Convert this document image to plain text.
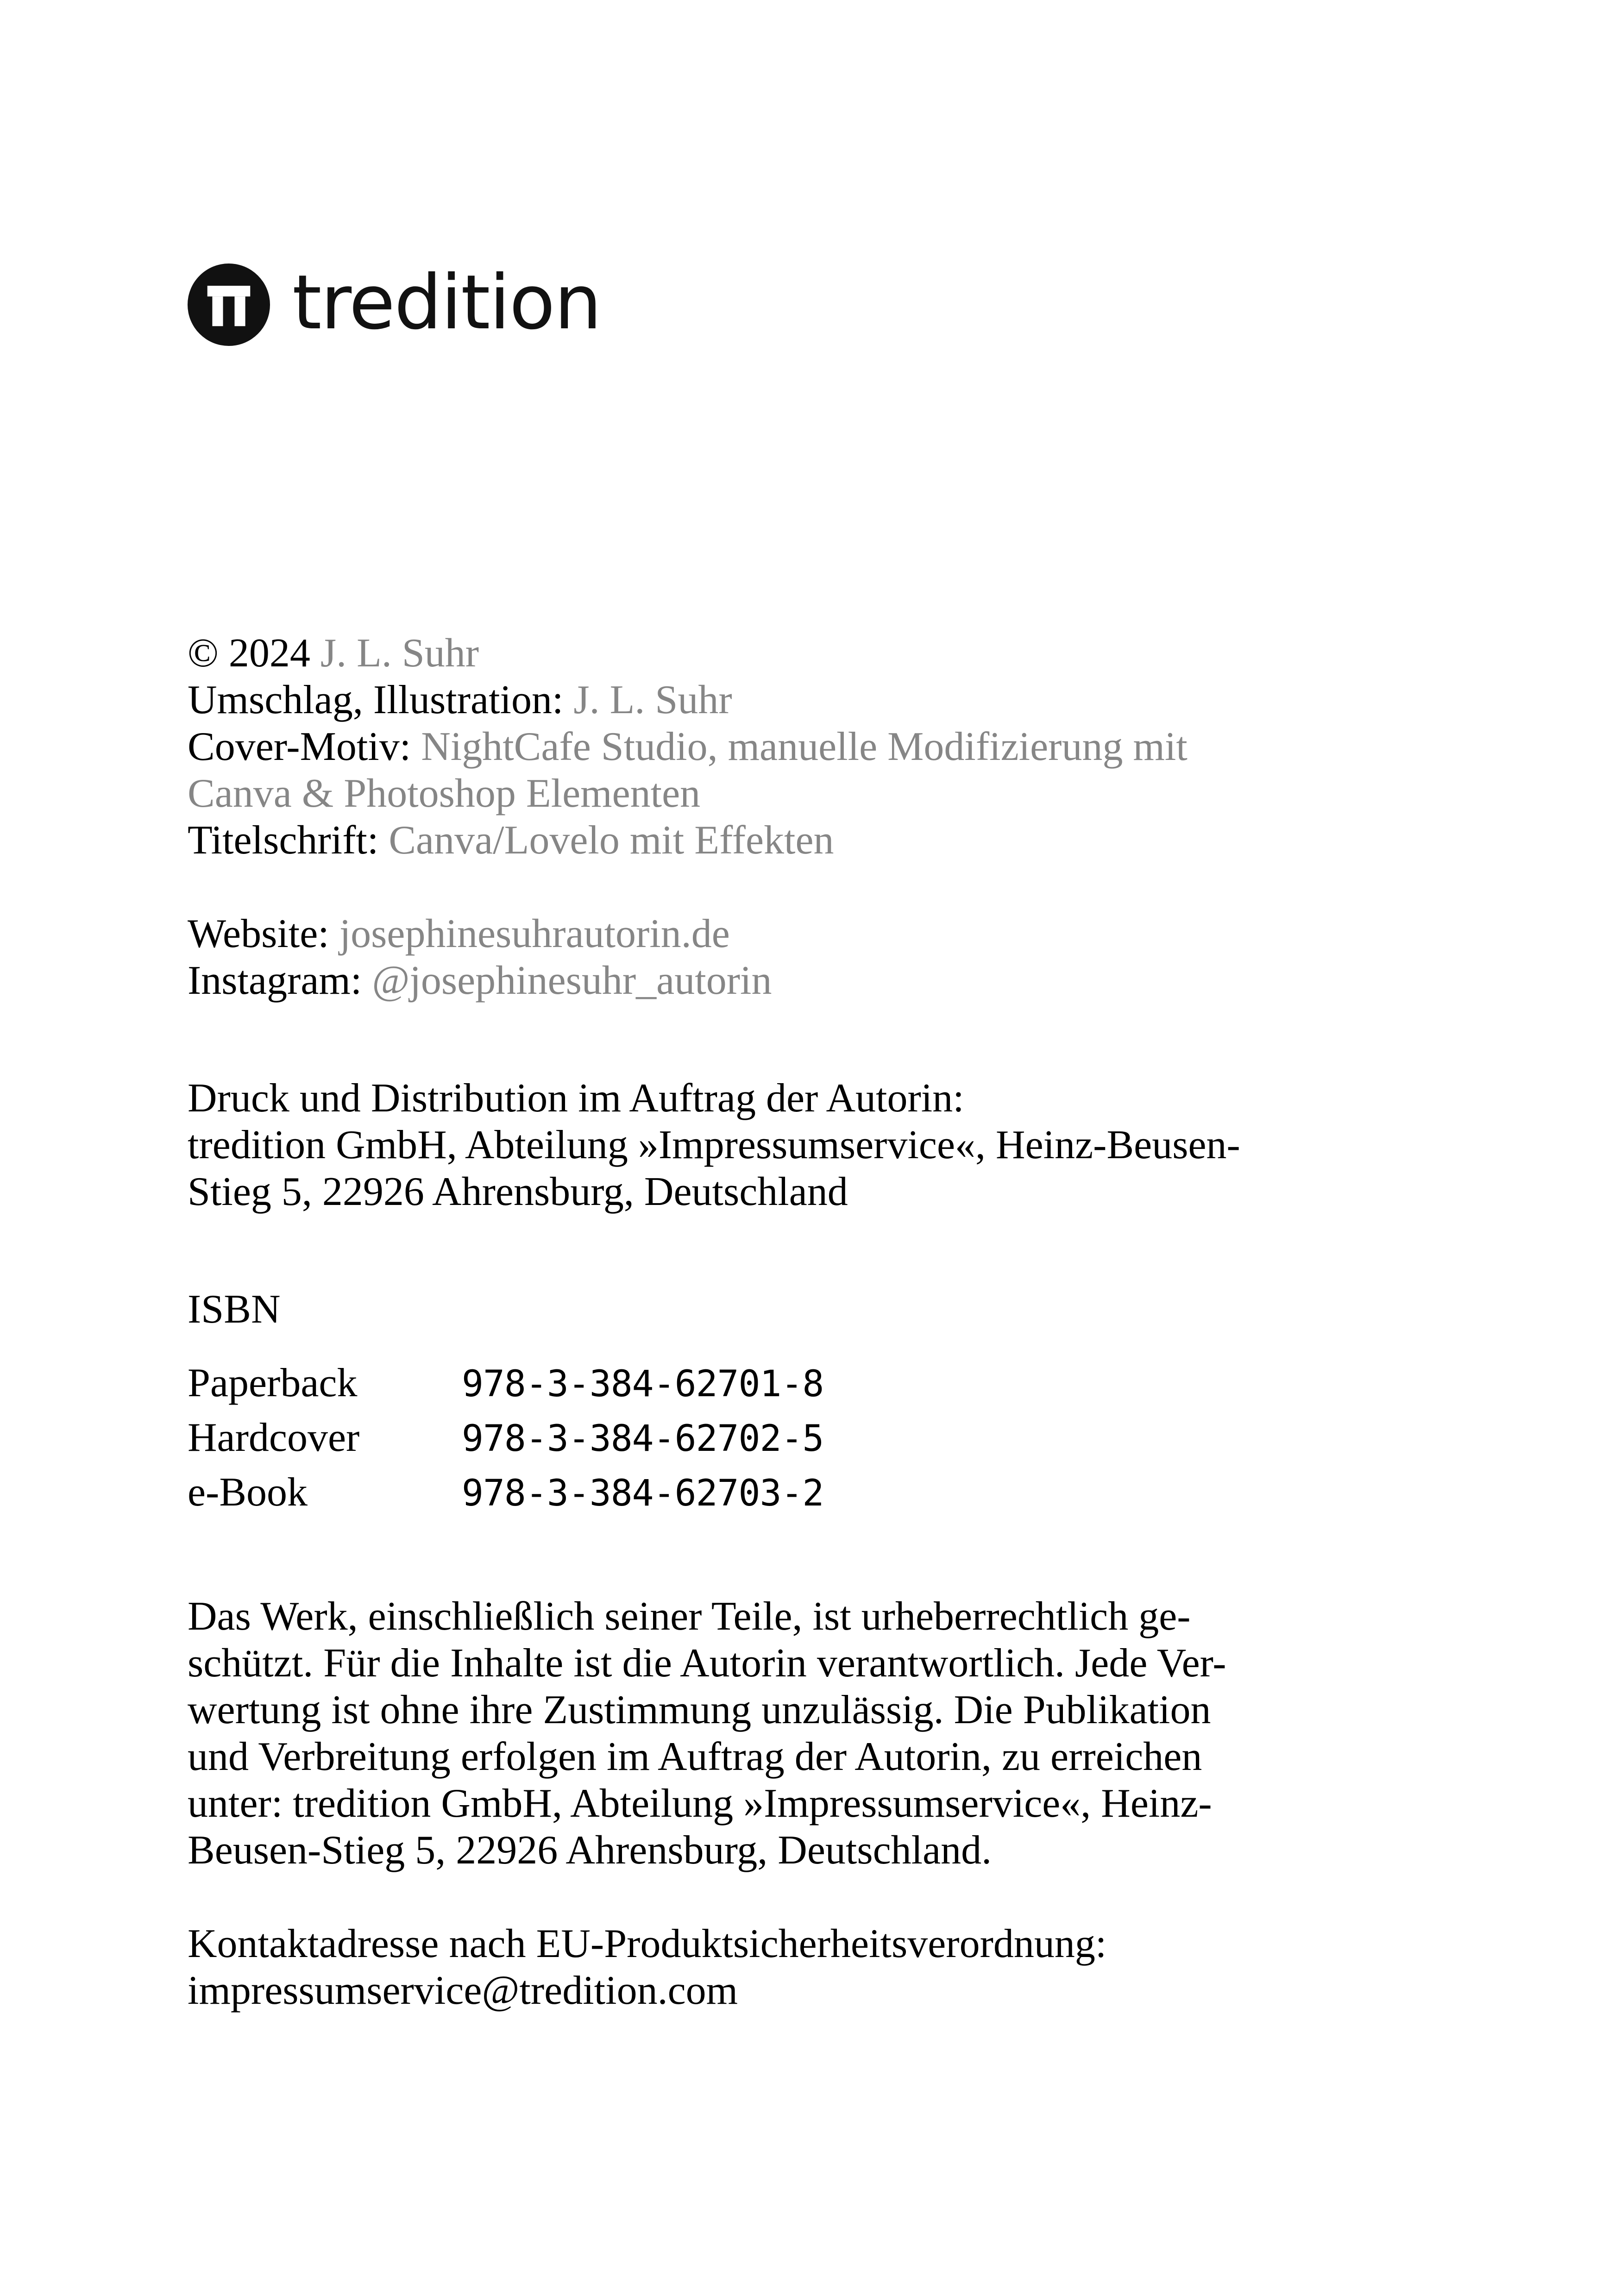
tredition
© 2024 J. L. Suhr
Umschlag, Illustration: J. L. Suhr
Cover-Motiv: NightCafe Studio, manuelle Modifizierung mit
Canva & Photoshop Elementen
Titelschrift: Canva/Lovelo mit Effekten
Website: josephinesuhrautorin.de
Instagram: @josephinesuhr_autorin
Druck und Distribution im Auftrag der Autorin:
tredition GmbH, Abteilung »Impressumservice«, Heinz-Beusen-
Stieg 5, 22926 Ahrensburg, Deutschland
ISBN
Paperback	978-3-384-62701-8
Hardcover	978-3-384-62702-5
e-Book	978-3-384-62703-2
Das Werk, einschließlich seiner Teile, ist urheberrechtlich ge-
schützt. Für die Inhalte ist die Autorin verantwortlich. Jede Ver-
wertung ist ohne ihre Zustimmung unzulässig. Die Publikation
und Verbreitung erfolgen im Auftrag der Autorin, zu erreichen
unter: tredition GmbH, Abteilung »Impressumservice«, Heinz-
Beusen-Stieg 5, 22926 Ahrensburg, Deutschland.
Kontaktadresse nach EU-Produktsicherheitsverordnung:
impressumservice@tredition.com
